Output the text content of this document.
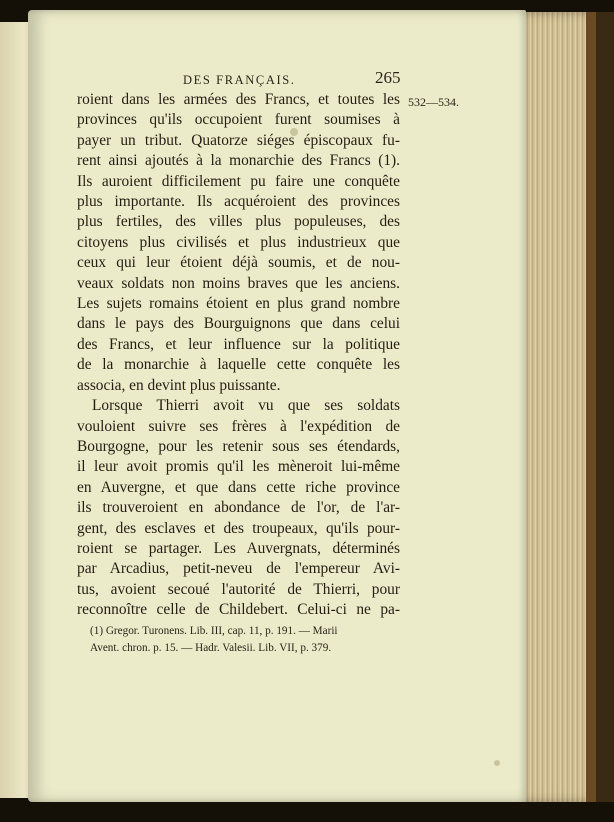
DES FRANÇAIS.	265
532—534.

roient dans les armées des Francs, et toutes les

provinces qu'ils occupoient furent soumises à

payer un tribut. Quatorze siéges épiscopaux fu-

rent ainsi ajoutés à la monarchie des Francs (1).

Ils auroient difficilement pu faire une conquête

plus importante. Ils acquéroient des provinces

plus fertiles, des villes plus populeuses, des

citoyens plus civilisés et plus industrieux que

ceux qui leur étoient déjà soumis, et de nou-

veaux soldats non moins braves que les anciens.

Les sujets romains étoient en plus grand nombre

dans le pays des Bourguignons que dans celui

des Francs, et leur influence sur la politique

de la monarchie à laquelle cette conquête les

associa, en devint plus puissante.

Lorsque Thierri avoit vu que ses soldats

vouloient suivre ses frères à l'expédition de

Bourgogne, pour les retenir sous ses étendards,

il leur avoit promis qu'il les mèneroit lui-même

en Auvergne, et que dans cette riche province

ils trouveroient en abondance de l'or, de l'ar-

gent, des esclaves et des troupeaux, qu'ils pour-

roient se partager. Les Auvergnats, déterminés

par Arcadius, petit-neveu de l'empereur Avi-

tus, avoient secoué l'autorité de Thierri, pour

reconnoître celle de Childebert. Celui-ci ne pa-

(1) Gregor. Turonens. Lib. III, cap. 11, p. 191. — Marii
Avent. chron. p. 15. — Hadr. Valesii. Lib. VII, p. 379.
